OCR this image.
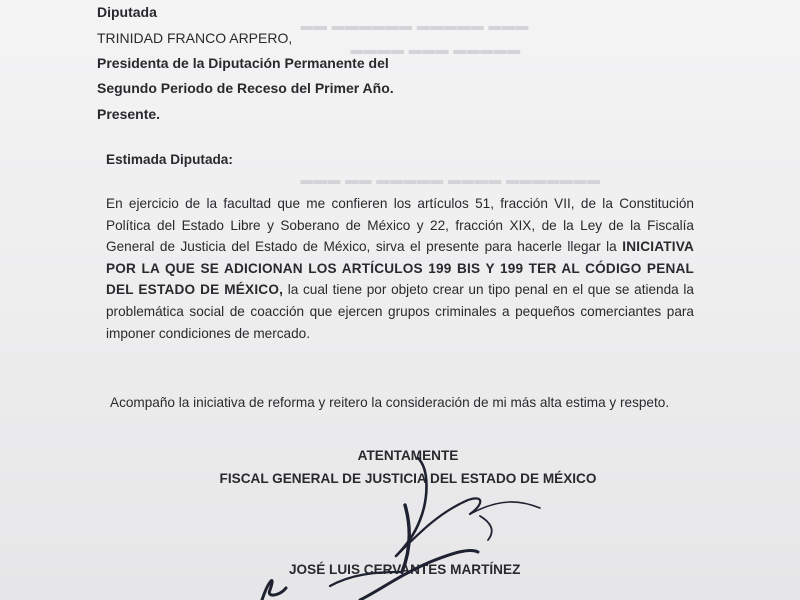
▬▬▬ ▬▬▬▬▬ ▬▬▬▬▬▬ ▬▬
▬▬▬▬▬ ▬▬▬ ▬▬▬▬
▬▬▬▬▬▬▬ ▬▬▬▬ ▬▬▬▬▬ ▬▬ ▬▬▬
Diputada
TRINIDAD FRANCO ARPERO,
Presidenta de la Diputación Permanente del
Segundo Periodo de Receso del Primer Año.
Presente.
Estimada Diputada:

En ejercicio de la facultad que me confieren los artículos 51, fracción VII, de la Constitución Política del Estado Libre y Soberano de México y 22, fracción XIX, de la Ley de la Fiscalía General de Justicia del Estado de México, sirva el presente para hacerle llegar la INICIATIVA POR LA QUE SE ADICIONAN LOS ARTÍCULOS 199 BIS Y 199 TER AL CÓDIGO PENAL DEL ESTADO DE MÉXICO, la cual tiene por objeto crear un tipo penal en el que se atienda la problemática social de coacción que ejercen grupos criminales a pequeños comerciantes para imponer condiciones de mercado.

Acompaño la iniciativa de reforma y reitero la consideración de mi más alta estima y respeto.

ATENTAMENTE
FISCAL GENERAL DE JUSTICIA DEL ESTADO DE MÉXICO
JOSÉ LUIS CERVANTES MARTÍNEZ
